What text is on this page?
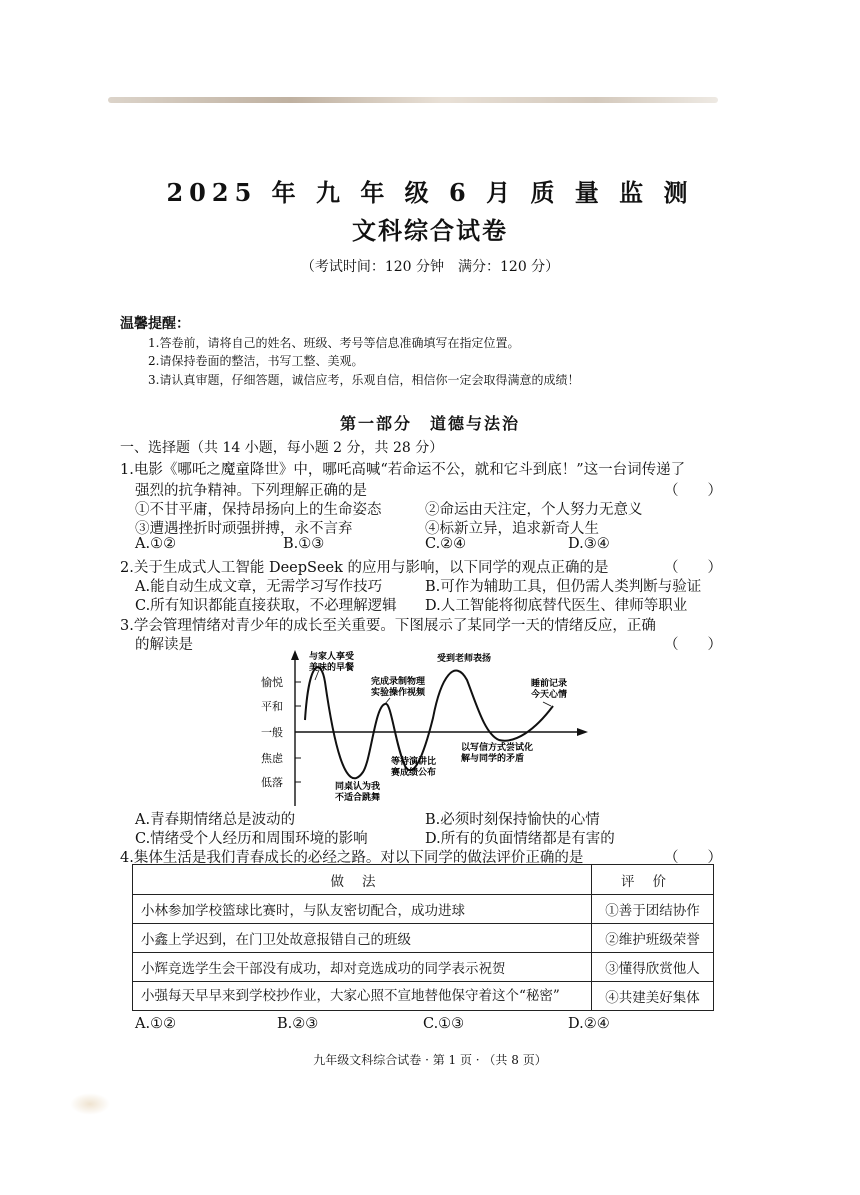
2025 年 九 年 级 6 月 质 量 监 测
文科综合试卷
（考试时间：120 分钟　满分：120 分）
温馨提醒：
1.答卷前，请将自己的姓名、班级、考号等信息准确填写在指定位置。
2.请保持卷面的整洁，书写工整、美观。
3.请认真审题，仔细答题，诚信应考，乐观自信，相信你一定会取得满意的成绩！
第一部分　道德与法治
一、选择题（共 14 小题，每小题 2 分，共 28 分）
1.电影《哪吒之魔童降世》中，哪吒高喊“若命运不公，就和它斗到底！”这一台词传递了
强烈的抗争精神。下列理解正确的是	（　　）
①不甘平庸，保持昂扬向上的生命姿态	②命运由天注定，个人努力无意义
③遭遇挫折时顽强拼搏，永不言弃	④标新立异，追求新奇人生
A.①②	B.①③	C.②④	D.③④
2.关于生成式人工智能 DeepSeek 的应用与影响，以下同学的观点正确的是	（　　）
A.能自动生成文章，无需学习写作技巧	B.可作为辅助工具，但仍需人类判断与验证
C.所有知识都能直接获取，不必理解逻辑 D.人工智能将彻底替代医生、律师等职业
3.学会管理情绪对青少年的成长至关重要。下图展示了某同学一天的情绪反应，正确
的解读是	（　　）
愉悦
平和
一般
焦虑
低落
与家人享受
美味的早餐
完成录制物理
实验操作视频
受到老师表扬
睡前记录
今天心情
同桌认为我
不适合跳舞
等待演讲比
赛成绩公布
以写信方式尝试化
解与同学的矛盾
A.青春期情绪总是波动的	B.必须时刻保持愉快的心情
C.情绪受个人经历和周围环境的影响	D.所有的负面情绪都是有害的
4.集体生活是我们青春成长的必经之路。对以下同学的做法评价正确的是	（　　）
做法	评价
小林参加学校篮球比赛时，与队友密切配合，成功进球	①善于团结协作
小鑫上学迟到，在门卫处故意报错自己的班级	②维护班级荣誉
小辉竞选学生会干部没有成功，却对竞选成功的同学表示祝贺	③懂得欣赏他人
小强每天早早来到学校抄作业，大家心照不宣地替他保守着这个“秘密”	④共建美好集体
A.①②	B.②③	C.①③	D.②④
九年级文科综合试卷 · 第 1 页 · （共 8 页）
